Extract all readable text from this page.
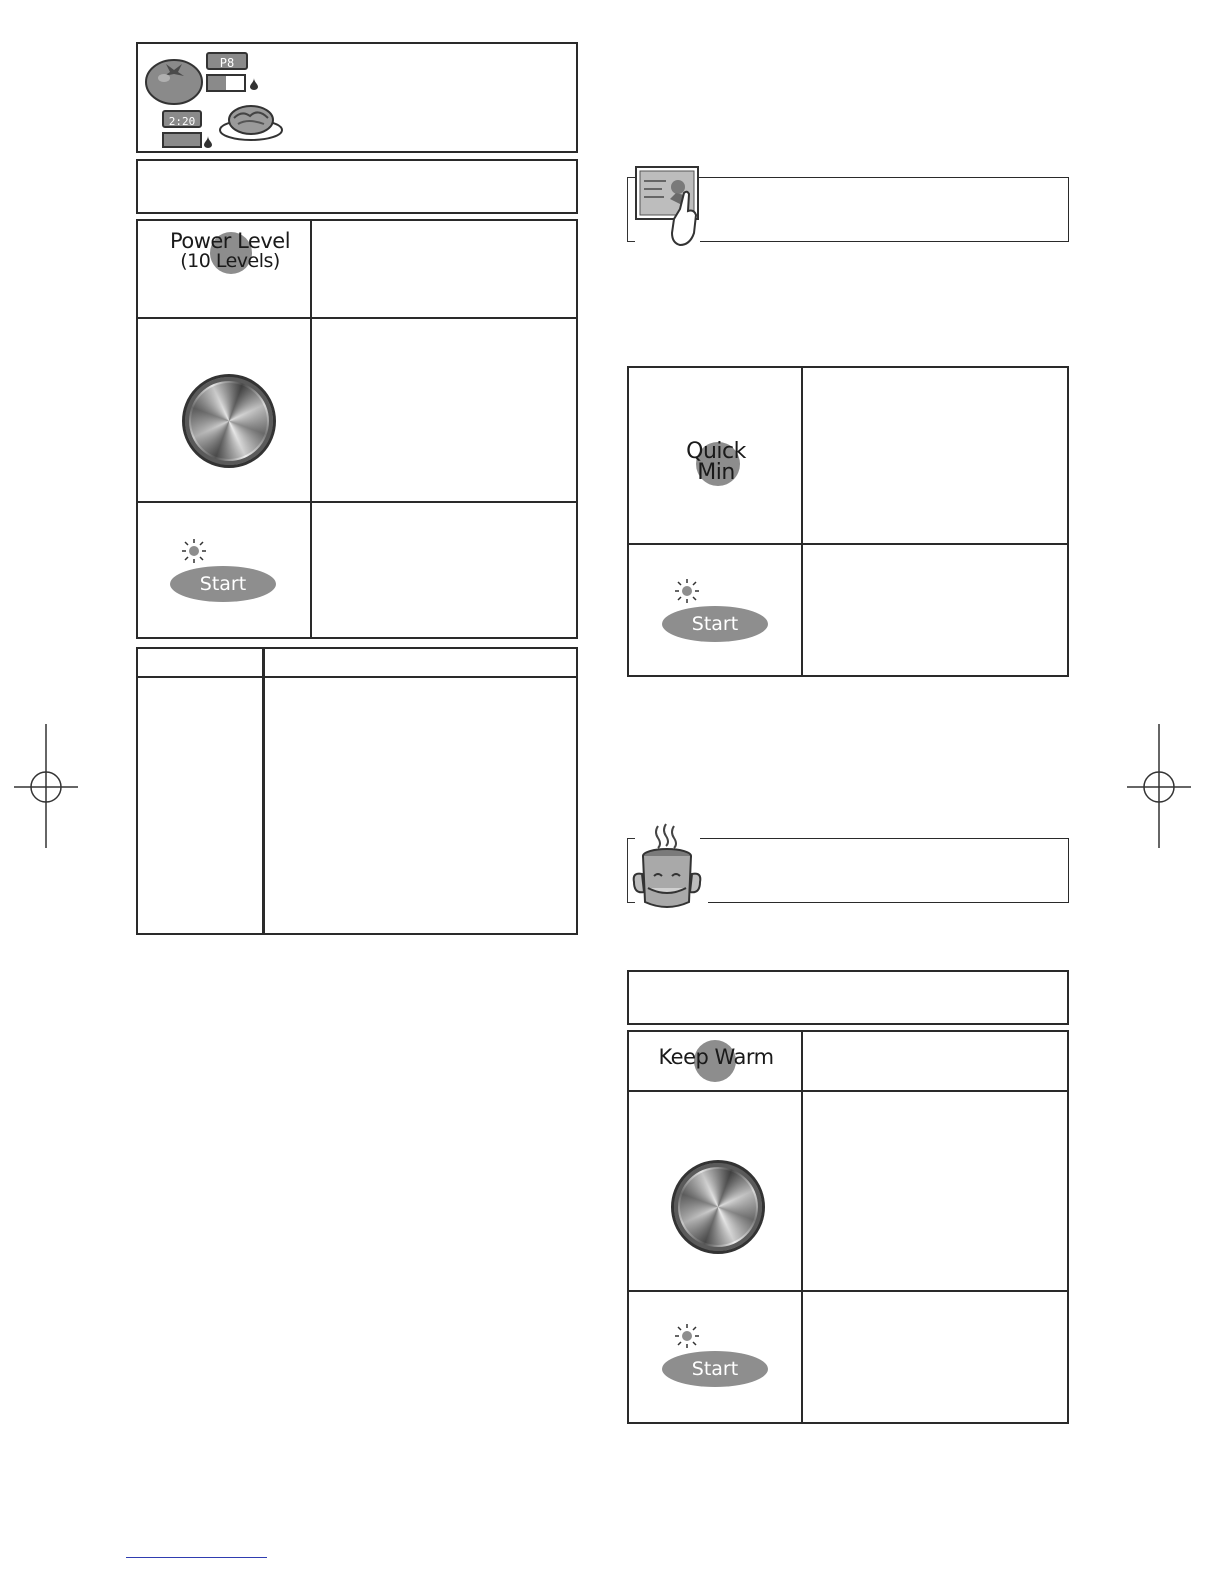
P8
2:20
Power Level
(10 Levels)
Start
Quick
Min
Start
Keep Warm
Start
